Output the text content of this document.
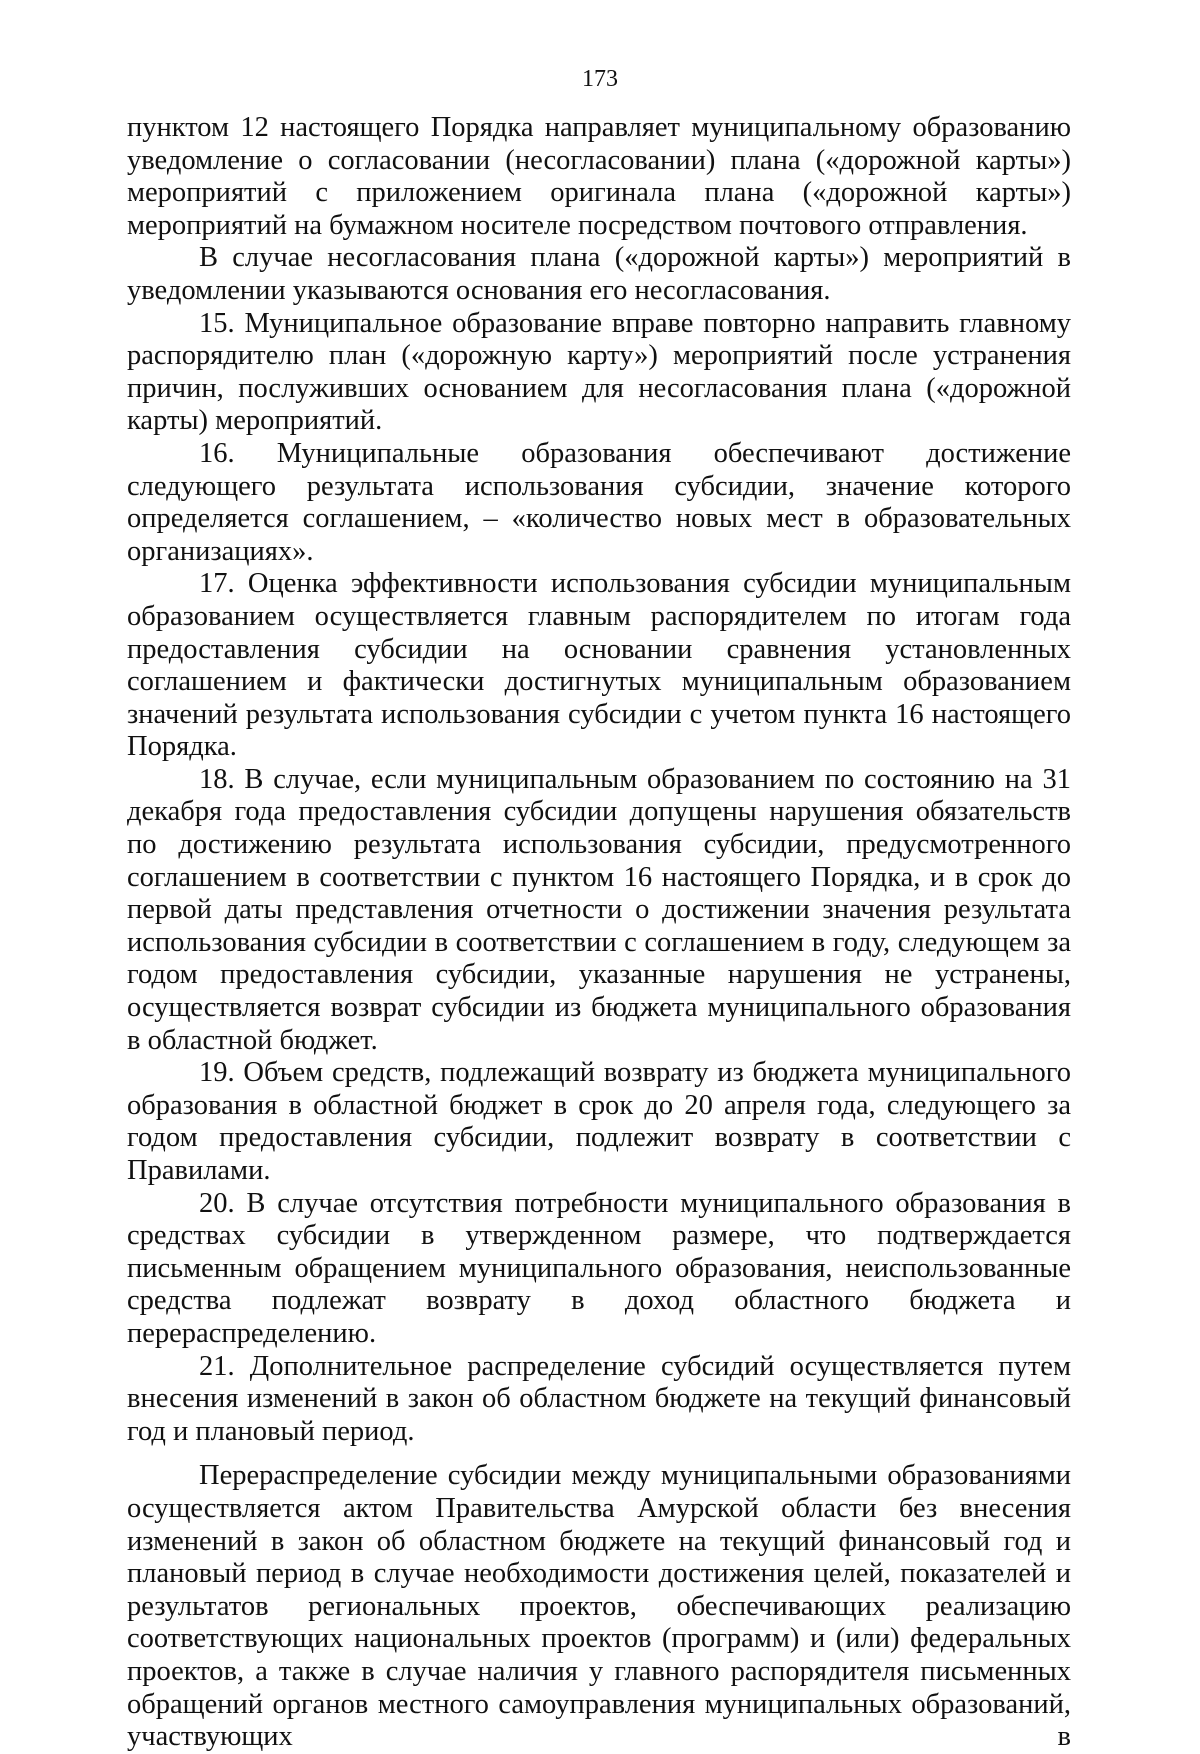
173

пунктом 12 настоящего Порядка направляет муниципальному образованию уведомление о согласовании (несогласовании) плана («дорожной карты») мероприятий с приложением оригинала плана («дорожной карты») мероприятий на бумажном носителе посредством почтового отправления.

В случае несогласования плана («дорожной карты») мероприятий в уведомлении указываются основания его несогласования.

15. Муниципальное образование вправе повторно направить главному распорядителю план («дорожную карту») мероприятий после устранения причин, послуживших основанием для несогласования плана («дорожной карты) мероприятий.

16. Муниципальные образования обеспечивают достижение следующего результата использования субсидии, значение которого определяется соглашением, – «количество новых мест в образовательных организациях».

17. Оценка эффективности использования субсидии муниципальным образованием осуществляется главным распорядителем по итогам года предоставления субсидии на основании сравнения установленных соглашением и фактически достигнутых муниципальным образованием значений результата использования субсидии с учетом пункта 16 настоящего Порядка.

18. В случае, если муниципальным образованием по состоянию на 31 декабря года предоставления субсидии допущены нарушения обязательств по достижению результата использования субсидии, предусмотренного соглашением в соответствии с пунктом 16 настоящего Порядка, и в срок до первой даты представления отчетности о достижении значения результата использования субсидии в соответствии с соглашением в году, следующем за годом предоставления субсидии, указанные нарушения не устранены, осуществляется возврат субсидии из бюджета муниципального образования в областной бюджет.

19. Объем средств, подлежащий возврату из бюджета муниципального образования в областной бюджет в срок до 20 апреля года, следующего за годом предоставления субсидии, подлежит возврату в соответствии с Правилами.

20. В случае отсутствия потребности муниципального образования в средствах субсидии в утвержденном размере, что подтверждается письменным обращением муниципального образования, неиспользованные средства подлежат возврату в доход областного бюджета и перераспределению.

21. Дополнительное распределение субсидий осуществляется путем внесения изменений в закон об областном бюджете на текущий финансовый год и плановый период.

Перераспределение субсидии между муниципальными образованиями осуществляется актом Правительства Амурской области без внесения изменений в закон об областном бюджете на текущий финансовый год и плановый период в случае необходимости достижения целей, показателей и результатов региональных проектов, обеспечивающих реализацию соответствующих национальных проектов (программ) и (или) федеральных проектов, а также в случае наличия у главного распорядителя письменных обращений органов местного самоуправления муниципальных образований, участвующих в
